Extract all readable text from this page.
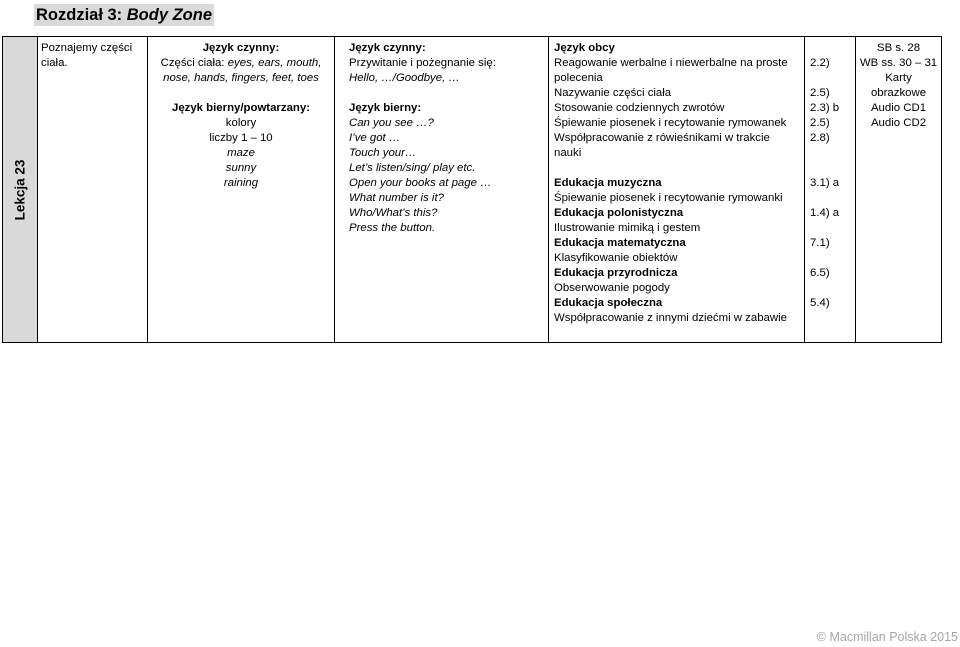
Rozdział 3: Body Zone
Lekcja 23

Poznajemy części
ciała.

Język czynny:
Części ciała: eyes, ears, mouth,
nose, hands, fingers, feet, toes
Język bierny/powtarzany:
kolory
liczby 1 – 10
maze
sunny
raining

Język czynny:
Przywitanie i pożegnanie się:
Hello, …/Goodbye, …
Język bierny:
Can you see …?
I’ve got …
Touch your…
Let’s listen/sing/ play etc.
Open your books at page …
What number is it?
Who/What’s this?
Press the button.

Język obcy
Reagowanie werbalne i niewerbalne na proste
polecenia
Nazywanie części ciała
Stosowanie codziennych zwrotów
Śpiewanie piosenek i recytowanie rymowanek
Współpracowanie z rówieśnikami w trakcie
nauki
Edukacja muzyczna
Śpiewanie piosenek i recytowanie rymowanki
Edukacja polonistyczna
Ilustrowanie mimiką i gestem
Edukacja matematyczna
Klasyfikowanie obiektów
Edukacja przyrodnicza
Obserwowanie pogody
Edukacja społeczna
Współpracowanie z innymi dziećmi w zabawie

2.2)
2.5)
2.3) b
2.5)
2.8)
3.1) a
1.4) a
7.1)
6.5)
5.4)

SB s. 28
WB ss. 30 – 31
Karty
obrazkowe
Audio CD1
Audio CD2
© Macmillan Polska 2015
